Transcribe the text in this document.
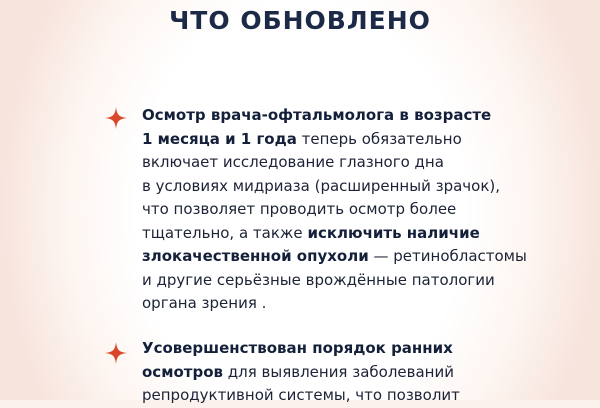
ЧТО ОБНОВЛЕНО

Осмотр врача-офтальмолога в возрасте
1 месяца и 1 года теперь обязательно
включает исследование глазного дна
в условиях мидриаза (расширенный зрачок),
что позволяет проводить осмотр более
тщательно, а также исключить наличие
злокачественной опухоли — ретинобластомы
и другие серьёзные врождённые патологии
органа зрения .

Усовершенствован порядок ранних
осмотров для выявления заболеваний
репродуктивной системы, что позволит
